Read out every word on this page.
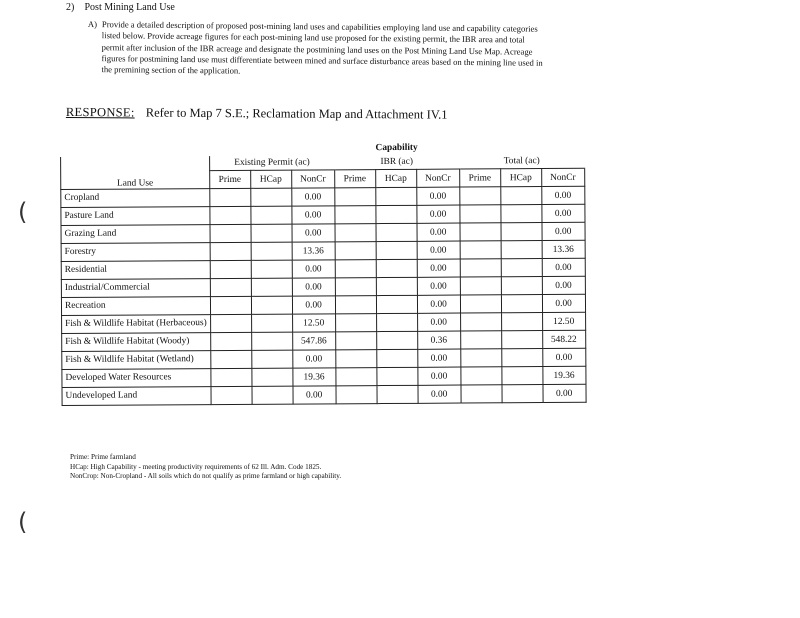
2) Post Mining Land Use
A) Provide a detailed description of proposed post-mining land uses and capabilities employing land use and capability categories listed below. Provide acreage figures for each post-mining land use proposed for the existing permit, the IBR area and total permit after inclusion of the IBR acreage and designate the postmining land uses on the Post Mining Land Use Map. Acreage figures for postmining land use must differentiate between mined and surface disturbance areas based on the mining line used in the premining section of the application.
RESPONSE: Refer to Map 7 S.E.; Reclamation Map and Attachment IV.1
	Capability								
Land Use	Existing Permit (ac)			IBR (ac)			Total (ac)		
	Prime	HCap	NonCr	Prime	HCap	NonCr	Prime	HCap	NonCr
Cropland			0.00			0.00			0.00
Pasture Land			0.00			0.00			0.00
Grazing Land			0.00			0.00			0.00
Forestry			13.36			0.00			13.36
Residential			0.00			0.00			0.00
Industrial/Commercial			0.00			0.00			0.00
Recreation			0.00			0.00			0.00
Fish & Wildlife Habitat (Herbaceous)			12.50			0.00			12.50
Fish & Wildlife Habitat (Woody)			547.86			0.36			548.22
Fish & Wildlife Habitat (Wetland)			0.00			0.00			0.00
Developed Water Resources			19.36			0.00			19.36
Undeveloped Land			0.00			0.00			0.00
Prime: Prime farmland
HCap: High Capability - meeting productivity requirements of 62 Ill. Adm. Code 1825.
NonCrop: Non-Cropland - All soils which do not qualify as prime farmland or high capability.
(
(
